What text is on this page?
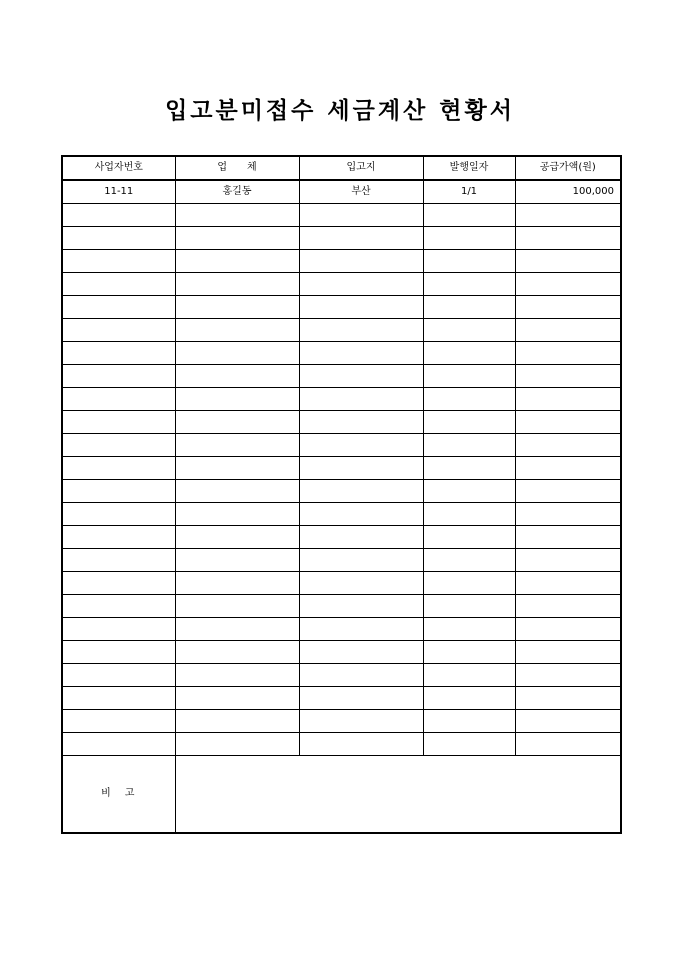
입고분미접수 세금계산 현황서
사업자번호	업　　체	입고지	발행일자	공급가액(원)
11-11	홍길동	부산	1/1	100,000

비　고				
